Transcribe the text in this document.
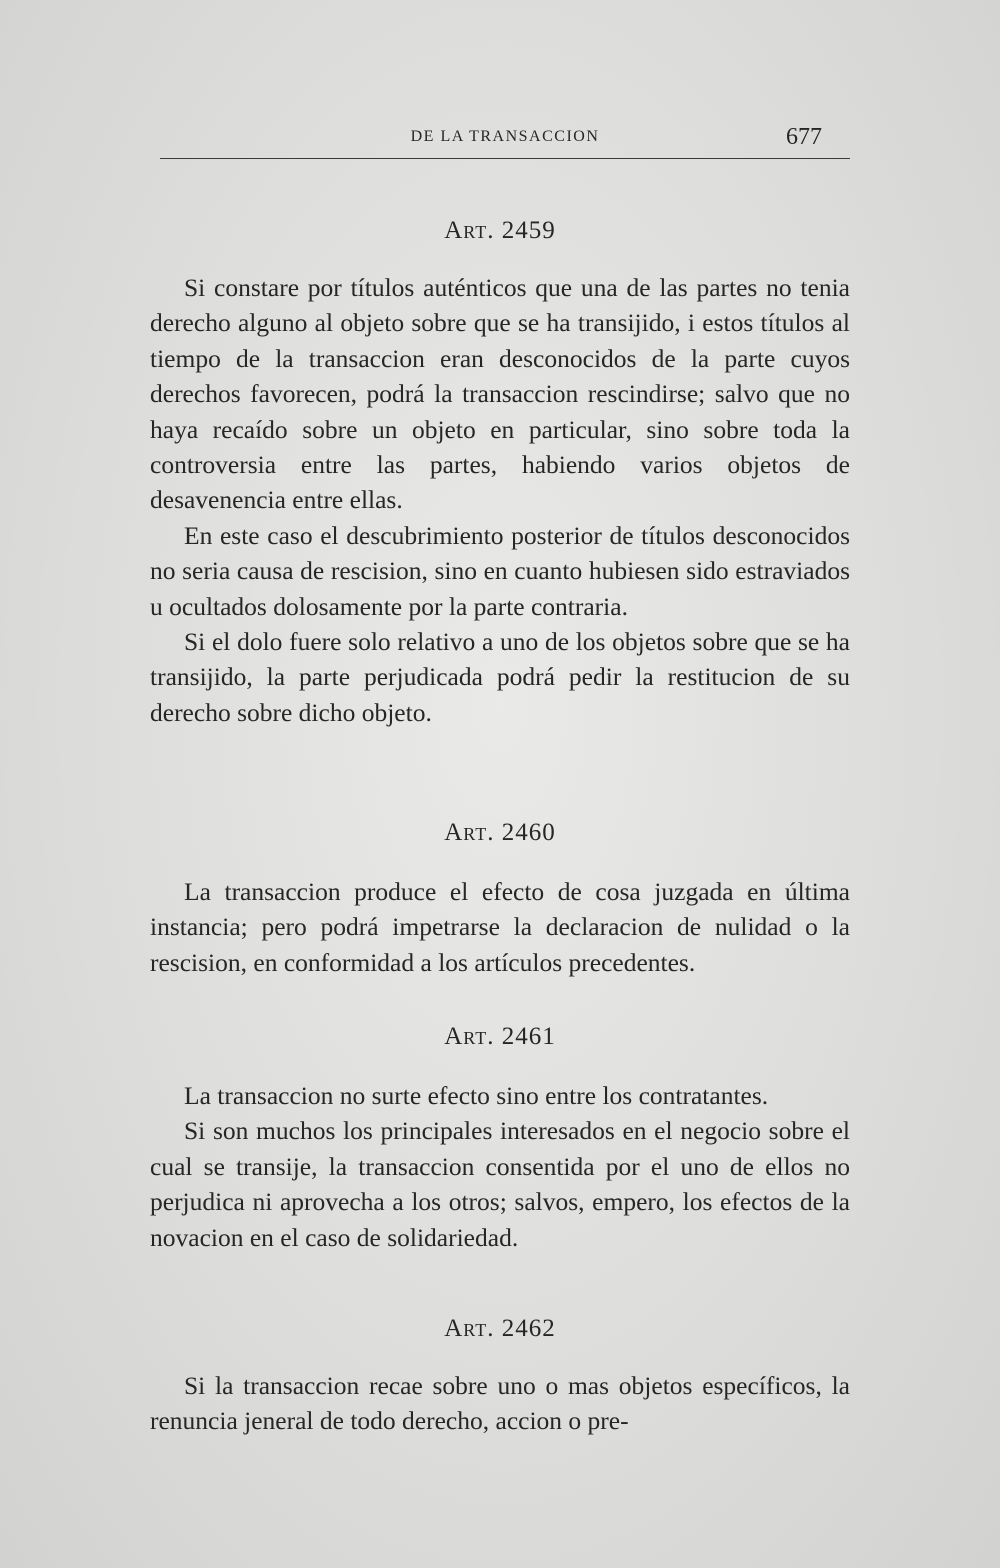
DE LA TRANSACCION	677
Art. 2459

Si constare por títulos auténticos que una de las partes no tenia derecho alguno al objeto sobre que se ha transijido, i estos títulos al tiempo de la transaccion eran desconocidos de la parte cuyos derechos favorecen, podrá la transaccion rescindirse; salvo que no haya recaído sobre un objeto en particular, sino sobre toda la controversia entre las partes, habiendo varios objetos de desavenencia entre ellas.

En este caso el descubrimiento posterior de títulos desconocidos no seria causa de rescision, sino en cuanto hubiesen sido estraviados u ocultados dolosamente por la parte contraria.

Si el dolo fuere solo relativo a uno de los objetos sobre que se ha transijido, la parte perjudicada podrá pedir la restitucion de su derecho sobre dicho objeto.

Art. 2460

La transaccion produce el efecto de cosa juzgada en última instancia; pero podrá impetrarse la declaracion de nulidad o la rescision, en conformidad a los artículos precedentes.

Art. 2461

La transaccion no surte efecto sino entre los contratantes.

Si son muchos los principales interesados en el negocio sobre el cual se transije, la transaccion consentida por el uno de ellos no perjudica ni aprovecha a los otros; salvos, empero, los efectos de la novacion en el caso de solidariedad.

Art. 2462

Si la transaccion recae sobre uno o mas objetos específicos, la renuncia jeneral de todo derecho, accion o pre-
